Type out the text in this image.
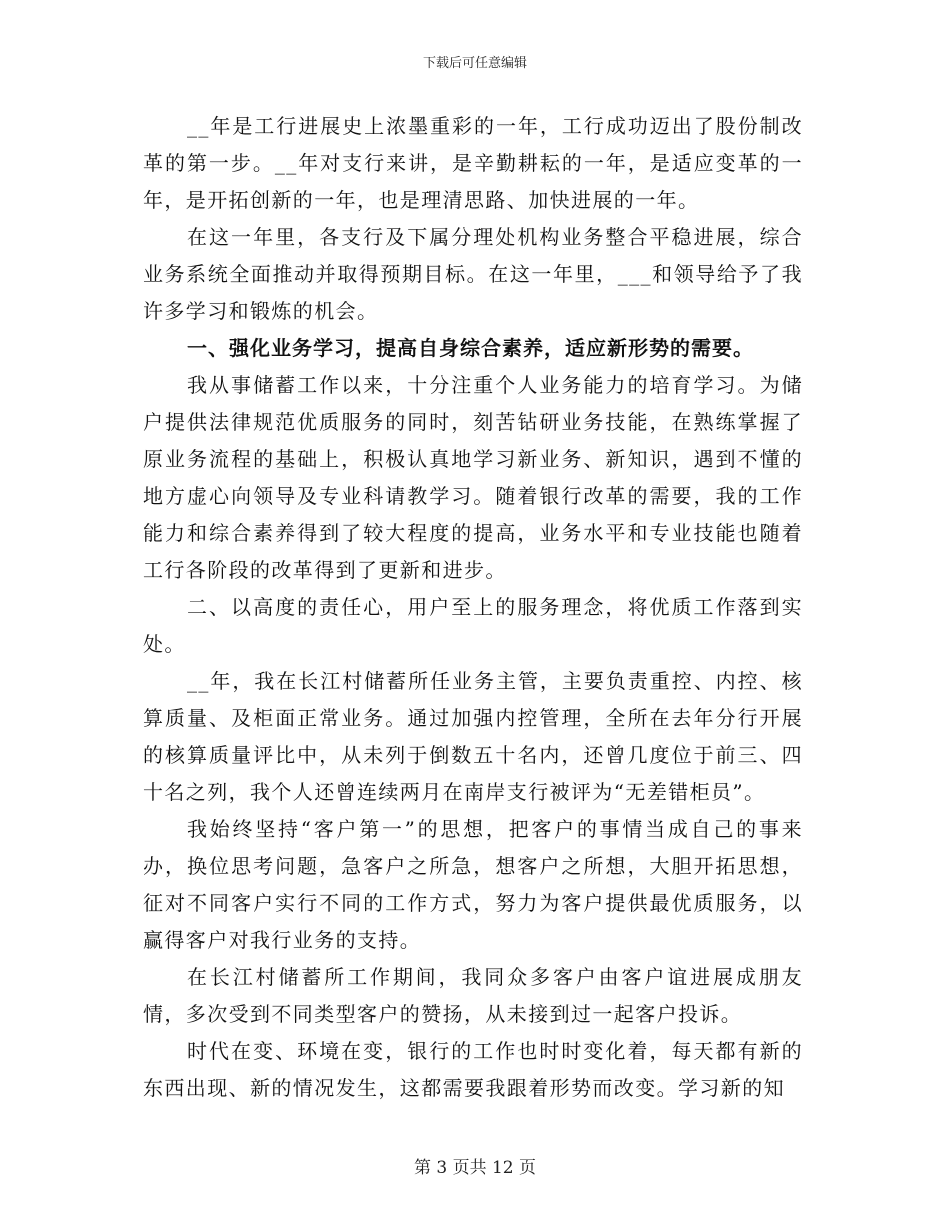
下载后可任意编辑

__年是工行进展史上浓墨重彩的一年，工行成功迈出了股份制改革的第一步。__年对支行来讲，是辛勤耕耘的一年，是适应变革的一年，是开拓创新的一年，也是理清思路、加快进展的一年。

在这一年里，各支行及下属分理处机构业务整合平稳进展，综合业务系统全面推动并取得预期目标。在这一年里，___和领导给予了我许多学习和锻炼的机会。

一、强化业务学习，提高自身综合素养，适应新形势的需要。

我从事储蓄工作以来，十分注重个人业务能力的培育学习。为储户提供法律规范优质服务的同时，刻苦钻研业务技能，在熟练掌握了原业务流程的基础上，积极认真地学习新业务、新知识，遇到不懂的地方虚心向领导及专业科请教学习。随着银行改革的需要，我的工作能力和综合素养得到了较大程度的提高，业务水平和专业技能也随着工行各阶段的改革得到了更新和进步。

二、以高度的责任心，用户至上的服务理念，将优质工作落到实处。

__年，我在长江村储蓄所任业务主管，主要负责重控、内控、核算质量、及柜面正常业务。通过加强内控管理，全所在去年分行开展的核算质量评比中，从未列于倒数五十名内，还曾几度位于前三、四十名之列，我个人还曾连续两月在南岸支行被评为“无差错柜员”。

我始终坚持“客户第一”的思想，把客户的事情当成自己的事来办，换位思考问题，急客户之所急，想客户之所想，大胆开拓思想，征对不同客户实行不同的工作方式，努力为客户提供最优质服务，以赢得客户对我行业务的支持。

在长江村储蓄所工作期间，我同众多客户由客户谊进展成朋友情，多次受到不同类型客户的赞扬，从未接到过一起客户投诉。

时代在变、环境在变，银行的工作也时时变化着，每天都有新的东西出现、新的情况发生，这都需要我跟着形势而改变。学习新的知

第 3 页共 12 页
